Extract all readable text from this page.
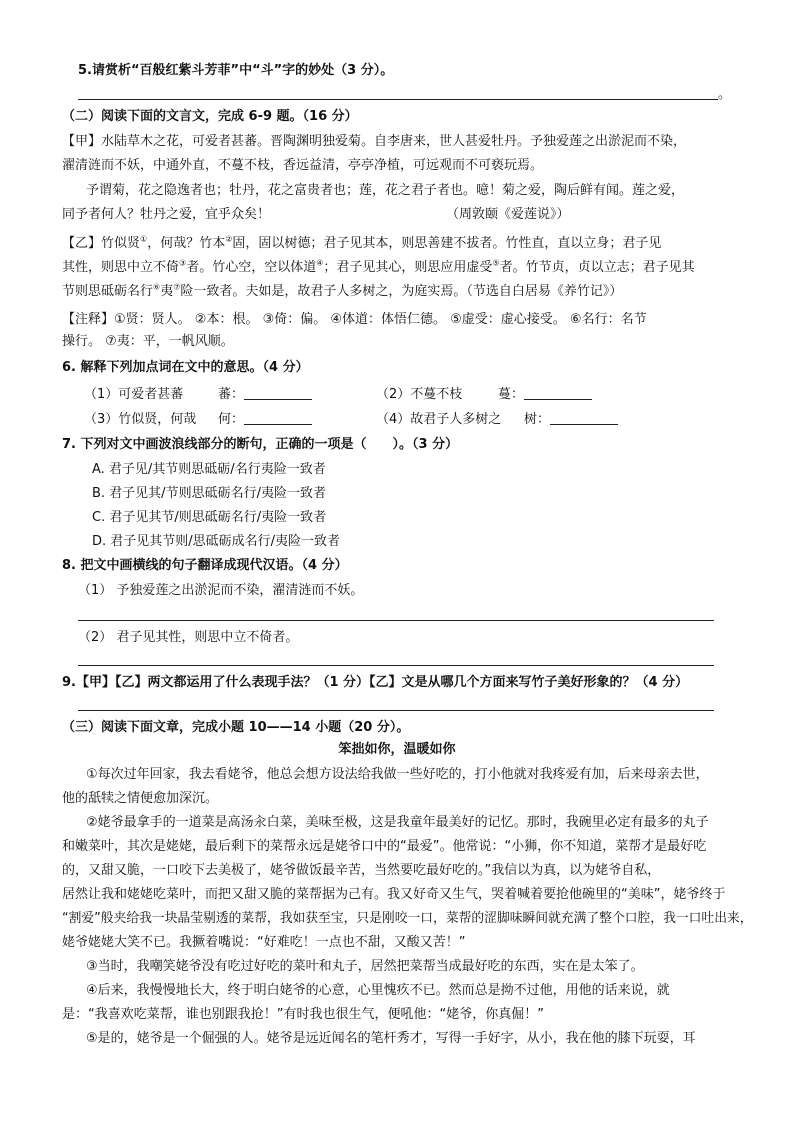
5.请赏析“百般红紫斗芳菲”中“斗”字的妙处（3 分）。
。
（二）阅读下面的文言文，完成 6-9 题。（16 分）
【甲】水陆草木之花，可爱者甚蕃。晋陶渊明独爱菊。自李唐来，世人甚爱牡丹。予独爱莲之出淤泥而不染，
濯清涟而不妖，中通外直，不蔓不枝，香远益清，亭亭净植，可远观而不可亵玩焉。
予谓菊，花之隐逸者也；牡丹，花之富贵者也；莲，花之君子者也。噫！菊之爱，陶后鲜有闻。莲之爱，
同予者何人？牡丹之爱，宜乎众矣！	（周敦颐《爱莲说》）
【乙】竹似贤①，何哉？竹本②固，固以树德；君子见其本，则思善建不拔者。竹性直，直以立身；君子见
其性，则思中立不倚③者。竹心空，空以体道④；君子见其心，则思应用虚受⑤者。竹节贞，贞以立志；君子见其
节则思砥砺名行⑥夷⑦险一致者。夫如是，故君子人多树之，为庭实焉。（节选自白居易《养竹记》）
【注释】①贤：贤人。 ②本：根。 ③倚：偏。 ④体道：体悟仁德。 ⑤虚受：虚心接受。 ⑥名行：名节
操行。 ⑦夷：平，一帆风顺。
6. 解释下列加点词在文中的意思。（4 分）
（1）可爱者甚蕃	蕃：	（2）不蔓不枝	蔓：
（3）竹似贤，何哉 何：	（4）故君子人多树之 树：
7. 下列对文中画波浪线部分的断句，正确的一项是（　　）。（3 分）
A. 君子见/其节则思砥砺/名行夷险一致者
B. 君子见其/节则思砥砺名行/夷险一致者
C. 君子见其节/则思砥砺名行/夷险一致者
D. 君子见其节则/思砥砺成名行/夷险一致者
8. 把文中画横线的句子翻译成现代汉语。（4 分）
（1） 予独爱莲之出淤泥而不染，濯清涟而不妖。
（2） 君子见其性，则思中立不倚者。
9.【甲】【乙】两文都运用了什么表现手法？（1 分）【乙】文是从哪几个方面来写竹子美好形象的？（4 分）
（三）阅读下面文章，完成小题 10——14 小题（20 分）。
笨拙如你，温暖如你
①每次过年回家，我去看姥爷，他总会想方设法给我做一些好吃的，打小他就对我疼爱有加，后来母亲去世，
他的舐犊之情便愈加深沉。
②姥爷最拿手的一道菜是高汤汆白菜，美味至极，这是我童年最美好的记忆。那时，我碗里必定有最多的丸子
和嫩菜叶，其次是姥姥，最后剩下的菜帮永远是姥爷口中的“最爱”。他常说：“小狮，你不知道，菜帮才是最好吃
的，又甜又脆，一口咬下去美极了，姥爷做饭最辛苦，当然要吃最好吃的。”我信以为真，以为姥爷自私，
居然让我和姥姥吃菜叶，而把又甜又脆的菜帮据为己有。我又好奇又生气，哭着喊着要抢他碗里的“美味”，姥爷终于
“割爱”般夹给我一块晶莹剔透的菜帮，我如获至宝，只是刚咬一口，菜帮的涩脚味瞬间就充满了整个口腔，我一口吐出来，
姥爷姥姥大笑不已。我撅着嘴说：“好难吃！一点也不甜，又酸又苦！”
③当时，我嘲笑姥爷没有吃过好吃的菜叶和丸子，居然把菜帮当成最好吃的东西，实在是太笨了。
④后来，我慢慢地长大，终于明白姥爷的心意，心里愧疚不已。然而总是拗不过他，用他的话来说，就
是：“我喜欢吃菜帮，谁也别跟我抢！”有时我也很生气，便吼他：“姥爷，你真倔！”
⑤是的，姥爷是一个倔强的人。姥爷是远近闻名的笔杆秀才，写得一手好字，从小，我在他的膝下玩耍，耳
